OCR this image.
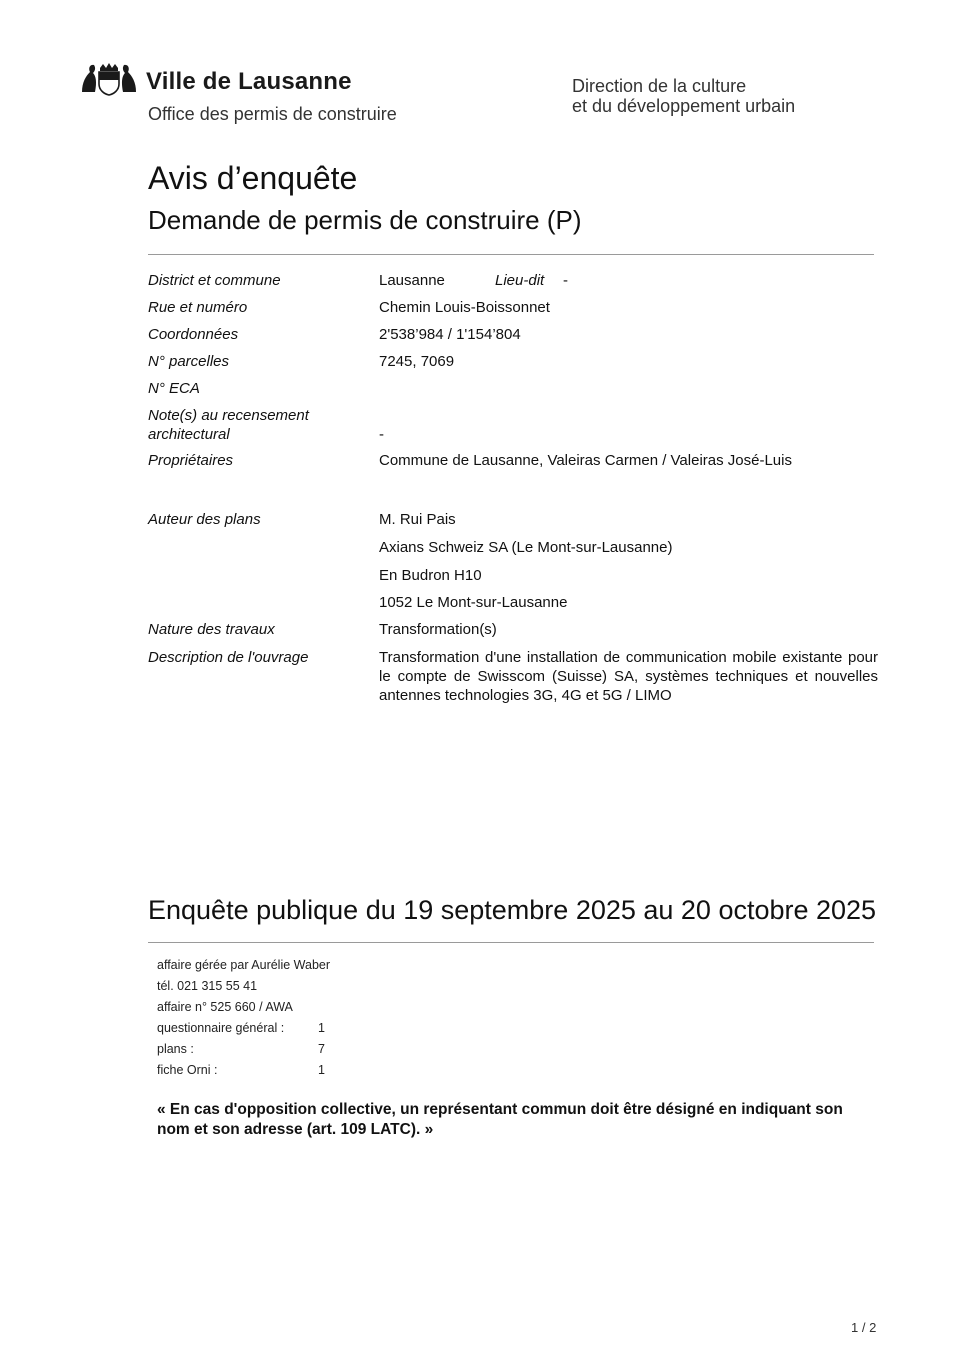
Ville de Lausanne
Office des permis de construire
Direction de la culture
et du développement urbain
Avis d’enquête
Demande de permis de construire (P)
District et commune	Lausanne	Lieu-dit -
Rue et numéro	Chemin Louis-Boissonnet
Coordonnées	2'538’984 / 1'154’804
N° parcelles	7245, 7069
N° ECA
Note(s) au recensement
architectural	-
Propriétaires	Commune de Lausanne, Valeiras Carmen / Valeiras José-Luis
Auteur des plans	M. Rui Pais
Axians Schweiz SA (Le Mont-sur-Lausanne)
En Budron H10
1052 Le Mont-sur-Lausanne
Nature des travaux	Transformation(s)
Description de l'ouvrage	Transformation d'une installation de communication mobile existante pour le compte de Swisscom (Suisse) SA, systèmes techniques et nouvelles antennes technologies 3G, 4G et 5G / LIMO
Enquête publique du 19 septembre 2025 au 20 octobre 2025
affaire gérée par Aurélie Waber
tél. 021 315 55 41
affaire n° 525 660 / AWA
questionnaire général :	1
plans :	7
fiche Orni :	1
« En cas d'opposition collective, un représentant commun doit être désigné en indiquant son nom et son adresse (art. 109 LATC). »
1 / 2
